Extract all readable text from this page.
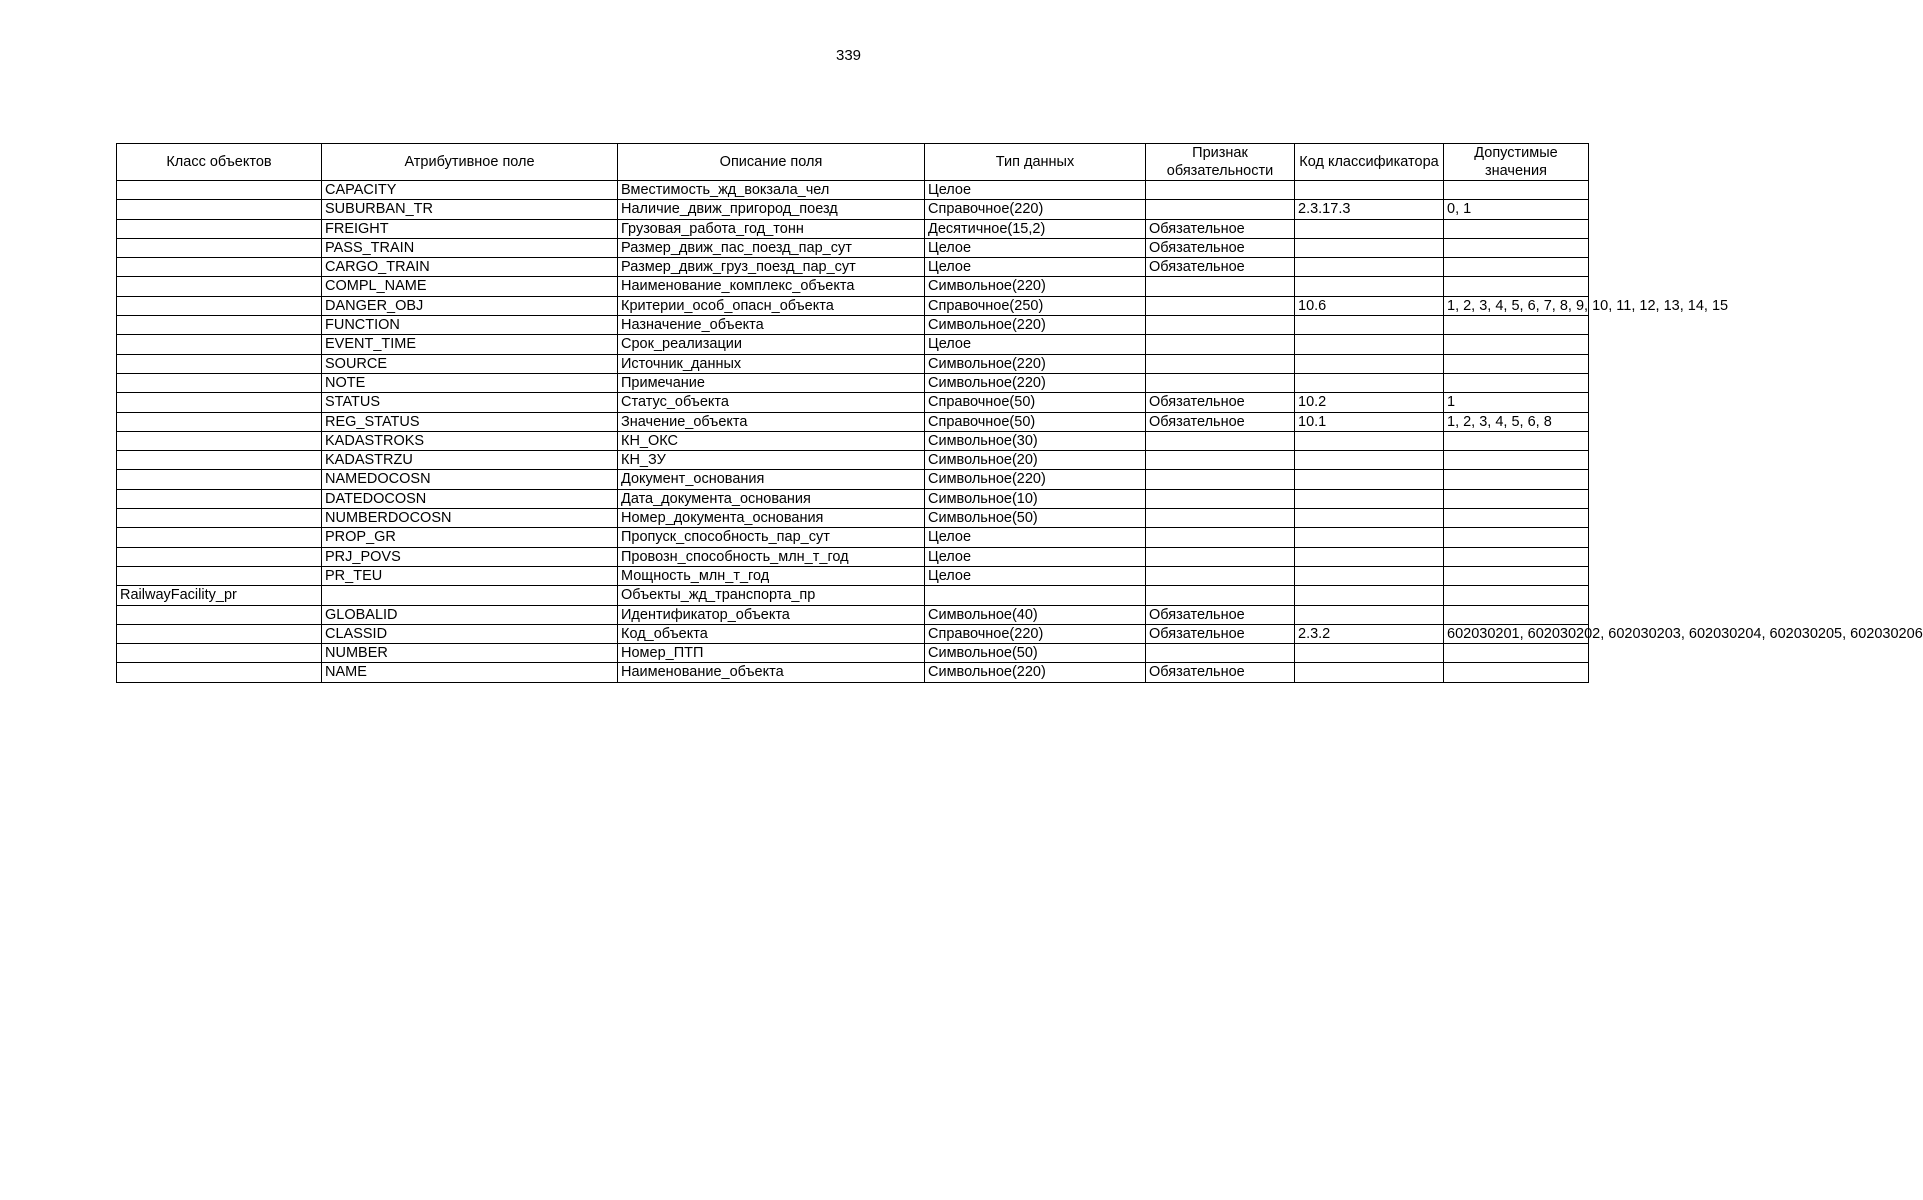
339
Класс объектов	Атрибутивное поле	Описание поля	Тип данных	Признак обязательности	Код классификатора	Допустимые значения
	CAPACITY	Вместимость_жд_вокзала_чел	Целое			
	SUBURBAN_TR	Наличие_движ_пригород_поезд	Справочное(220)		2.3.17.3	0, 1
	FREIGHT	Грузовая_работа_год_тонн	Десятичное(15,2)	Обязательное		
	PASS_TRAIN	Размер_движ_пас_поезд_пар_сут	Целое	Обязательное		
	CARGO_TRAIN	Размер_движ_груз_поезд_пар_сут	Целое	Обязательное		
	COMPL_NAME	Наименование_комплекс_объекта	Символьное(220)			
	DANGER_OBJ	Критерии_особ_опасн_объекта	Справочное(250)		10.6	1, 2, 3, 4, 5, 6, 7, 8, 9, 10, 11, 12, 13, 14, 15
	FUNCTION	Назначение_объекта	Символьное(220)			
	EVENT_TIME	Срок_реализации	Целое			
	SOURCE	Источник_данных	Символьное(220)			
	NOTE	Примечание	Символьное(220)			
	STATUS	Статус_объекта	Справочное(50)	Обязательное	10.2	1
	REG_STATUS	Значение_объекта	Справочное(50)	Обязательное	10.1	1, 2, 3, 4, 5, 6, 8
	KADASTROKS	КН_ОКС	Символьное(30)			
	KADASTRZU	КН_ЗУ	Символьное(20)			
	NAMEDOCOSN	Документ_основания	Символьное(220)			
	DATEDOCOSN	Дата_документа_основания	Символьное(10)			
	NUMBERDOCOSN	Номер_документа_основания	Символьное(50)			
	PROP_GR	Пропуск_способность_пар_сут	Целое			
	PRJ_POVS	Провозн_способность_млн_т_год	Целое			
	PR_TEU	Мощность_млн_т_год	Целое			
RailwayFacility_pr		Объекты_жд_транспорта_пр				
	GLOBALID	Идентификатор_объекта	Символьное(40)	Обязательное		
	CLASSID	Код_объекта	Справочное(220)	Обязательное	2.3.2	602030201, 602030202, 602030203, 602030204, 602030205, 602030206
	NUMBER	Номер_ПТП	Символьное(50)			
	NAME	Наименование_объекта	Символьное(220)	Обязательное		
